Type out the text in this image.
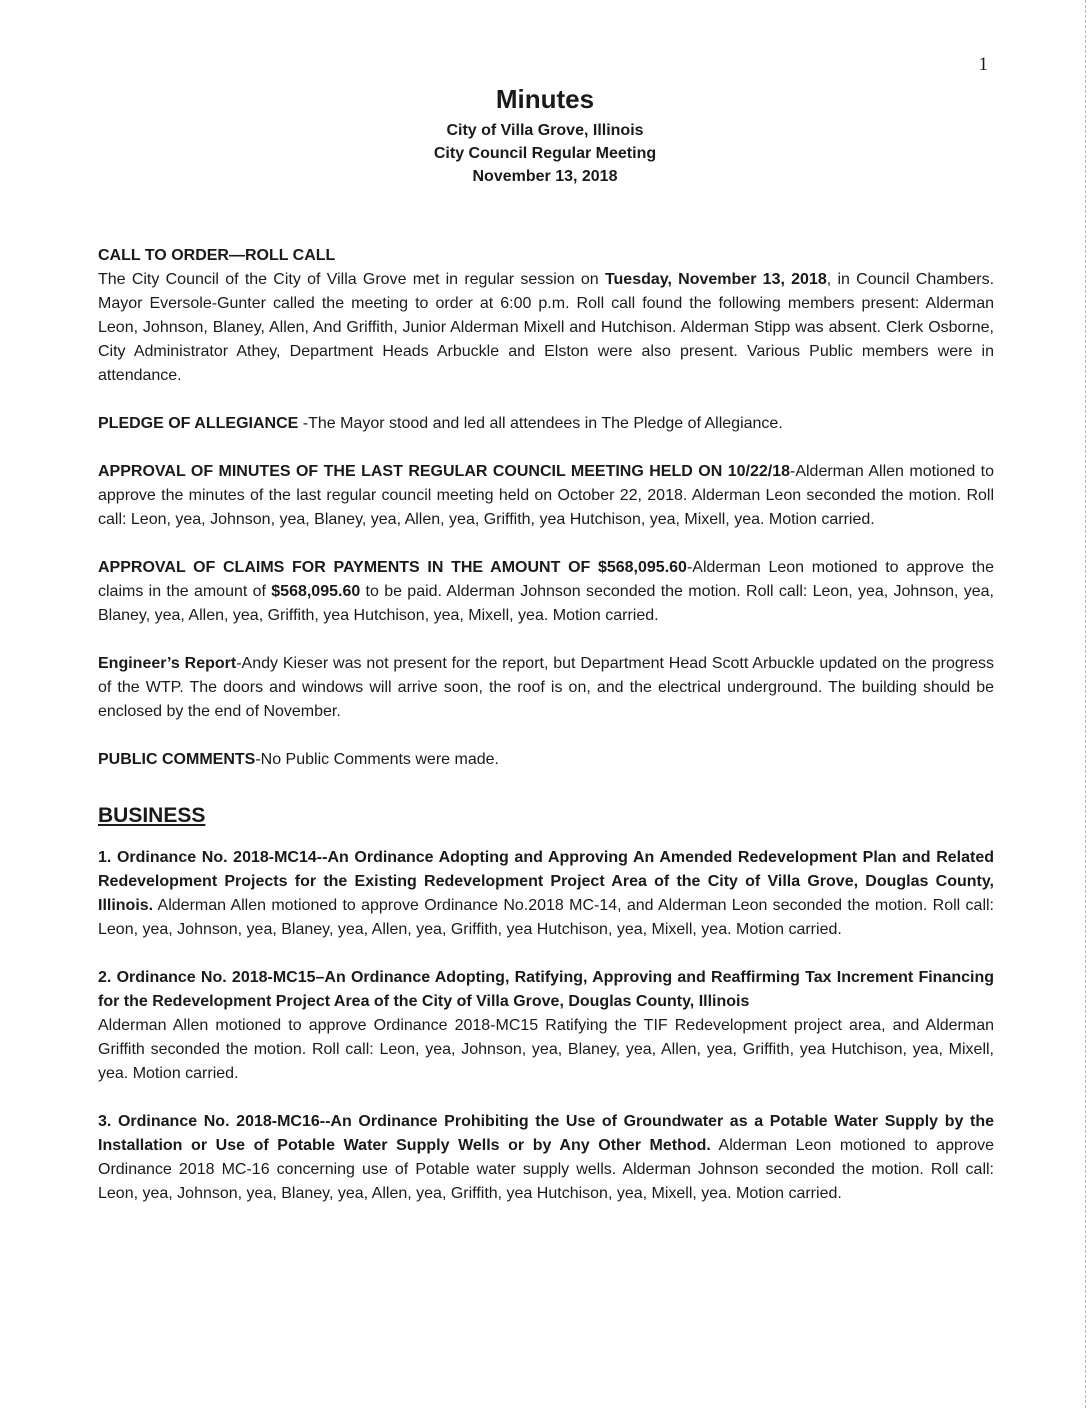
1
Minutes
City of Villa Grove, Illinois
City Council Regular Meeting
November 13, 2018

CALL TO ORDER—ROLL CALL

The City Council of the City of Villa Grove met in regular session on Tuesday, November 13, 2018, in Council Chambers. Mayor Eversole-Gunter called the meeting to order at 6:00 p.m. Roll call found the following members present: Alderman Leon, Johnson, Blaney, Allen, And Griffith, Junior Alderman Mixell and Hutchison. Alderman Stipp was absent. Clerk Osborne, City Administrator Athey, Department Heads Arbuckle and Elston were also present. Various Public members were in attendance.

PLEDGE OF ALLEGIANCE -The Mayor stood and led all attendees in The Pledge of Allegiance.

APPROVAL OF MINUTES OF THE LAST REGULAR COUNCIL MEETING HELD ON 10/22/18-Alderman Allen motioned to approve the minutes of the last regular council meeting held on October 22, 2018. Alderman Leon seconded the motion. Roll call: Leon, yea, Johnson, yea, Blaney, yea, Allen, yea, Griffith, yea Hutchison, yea, Mixell, yea. Motion carried.

APPROVAL OF CLAIMS FOR PAYMENTS IN THE AMOUNT OF $568,095.60-Alderman Leon motioned to approve the claims in the amount of $568,095.60 to be paid. Alderman Johnson seconded the motion. Roll call: Leon, yea, Johnson, yea, Blaney, yea, Allen, yea, Griffith, yea Hutchison, yea, Mixell, yea. Motion carried.

Engineer’s Report-Andy Kieser was not present for the report, but Department Head Scott Arbuckle updated on the progress of the WTP. The doors and windows will arrive soon, the roof is on, and the electrical underground. The building should be enclosed by the end of November.

PUBLIC COMMENTS-No Public Comments were made.

BUSINESS

1. Ordinance No. 2018-MC14--An Ordinance Adopting and Approving An Amended Redevelopment Plan and Related Redevelopment Projects for the Existing Redevelopment Project Area of the City of Villa Grove, Douglas County, Illinois. Alderman Allen motioned to approve Ordinance No.2018 MC-14, and Alderman Leon seconded the motion. Roll call: Leon, yea, Johnson, yea, Blaney, yea, Allen, yea, Griffith, yea Hutchison, yea, Mixell, yea. Motion carried.

2. Ordinance No. 2018-MC15–An Ordinance Adopting, Ratifying, Approving and Reaffirming Tax Increment Financing for the Redevelopment Project Area of the City of Villa Grove, Douglas County, Illinois

Alderman Allen motioned to approve Ordinance 2018-MC15 Ratifying the TIF Redevelopment project area, and Alderman Griffith seconded the motion. Roll call: Leon, yea, Johnson, yea, Blaney, yea, Allen, yea, Griffith, yea Hutchison, yea, Mixell, yea. Motion carried.

3. Ordinance No. 2018-MC16--An Ordinance Prohibiting the Use of Groundwater as a Potable Water Supply by the Installation or Use of Potable Water Supply Wells or by Any Other Method. Alderman Leon motioned to approve Ordinance 2018 MC-16 concerning use of Potable water supply wells. Alderman Johnson seconded the motion. Roll call: Leon, yea, Johnson, yea, Blaney, yea, Allen, yea, Griffith, yea Hutchison, yea, Mixell, yea. Motion carried.
